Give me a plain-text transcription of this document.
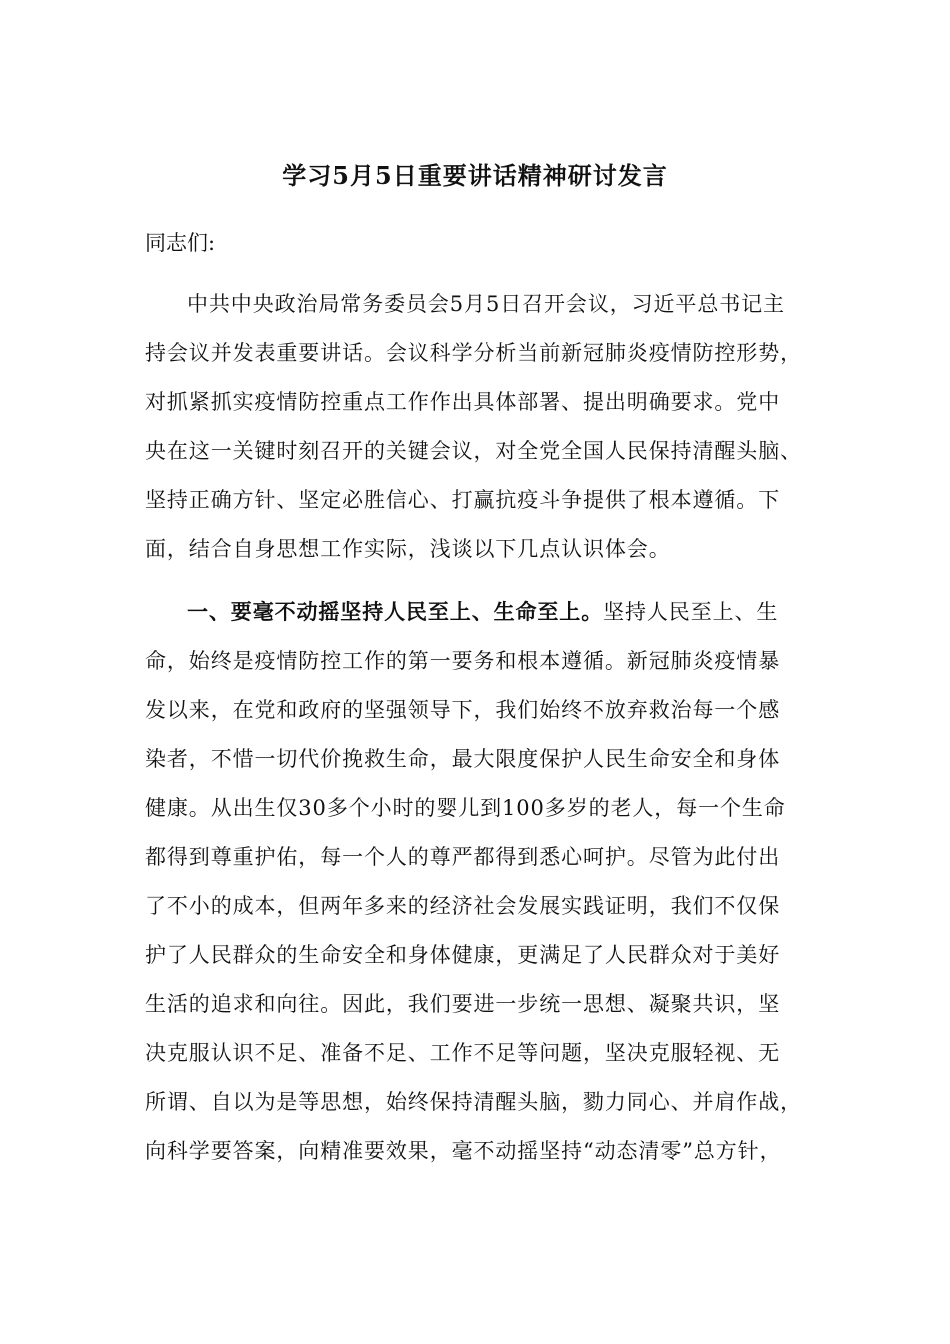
学习5月5日重要讲话精神研讨发言
同志们:
中共中央政治局常务委员会5月5日召开会议，习近平总书记主
持会议并发表重要讲话。会议科学分析当前新冠肺炎疫情防控形势，
对抓紧抓实疫情防控重点工作作出具体部署、提出明确要求。党中
央在这一关键时刻召开的关键会议，对全党全国人民保持清醒头脑、
坚持正确方针、坚定必胜信心、打赢抗疫斗争提供了根本遵循。下
面，结合自身思想工作实际，浅谈以下几点认识体会。
一、要毫不动摇坚持人民至上、生命至上。坚持人民至上、生
命，始终是疫情防控工作的第一要务和根本遵循。新冠肺炎疫情暴
发以来，在党和政府的坚强领导下，我们始终不放弃救治每一个感
染者，不惜一切代价挽救生命，最大限度保护人民生命安全和身体
健康。从出生仅30多个小时的婴儿到100多岁的老人，每一个生命
都得到尊重护佑，每一个人的尊严都得到悉心呵护。尽管为此付出
了不小的成本，但两年多来的经济社会发展实践证明，我们不仅保
护了人民群众的生命安全和身体健康，更满足了人民群众对于美好
生活的追求和向往。因此，我们要进一步统一思想、凝聚共识，坚
决克服认识不足、准备不足、工作不足等问题，坚决克服轻视、无
所谓、自以为是等思想，始终保持清醒头脑，勠力同心、并肩作战，
向科学要答案，向精准要效果，毫不动摇坚持“动态清零”总方针，
